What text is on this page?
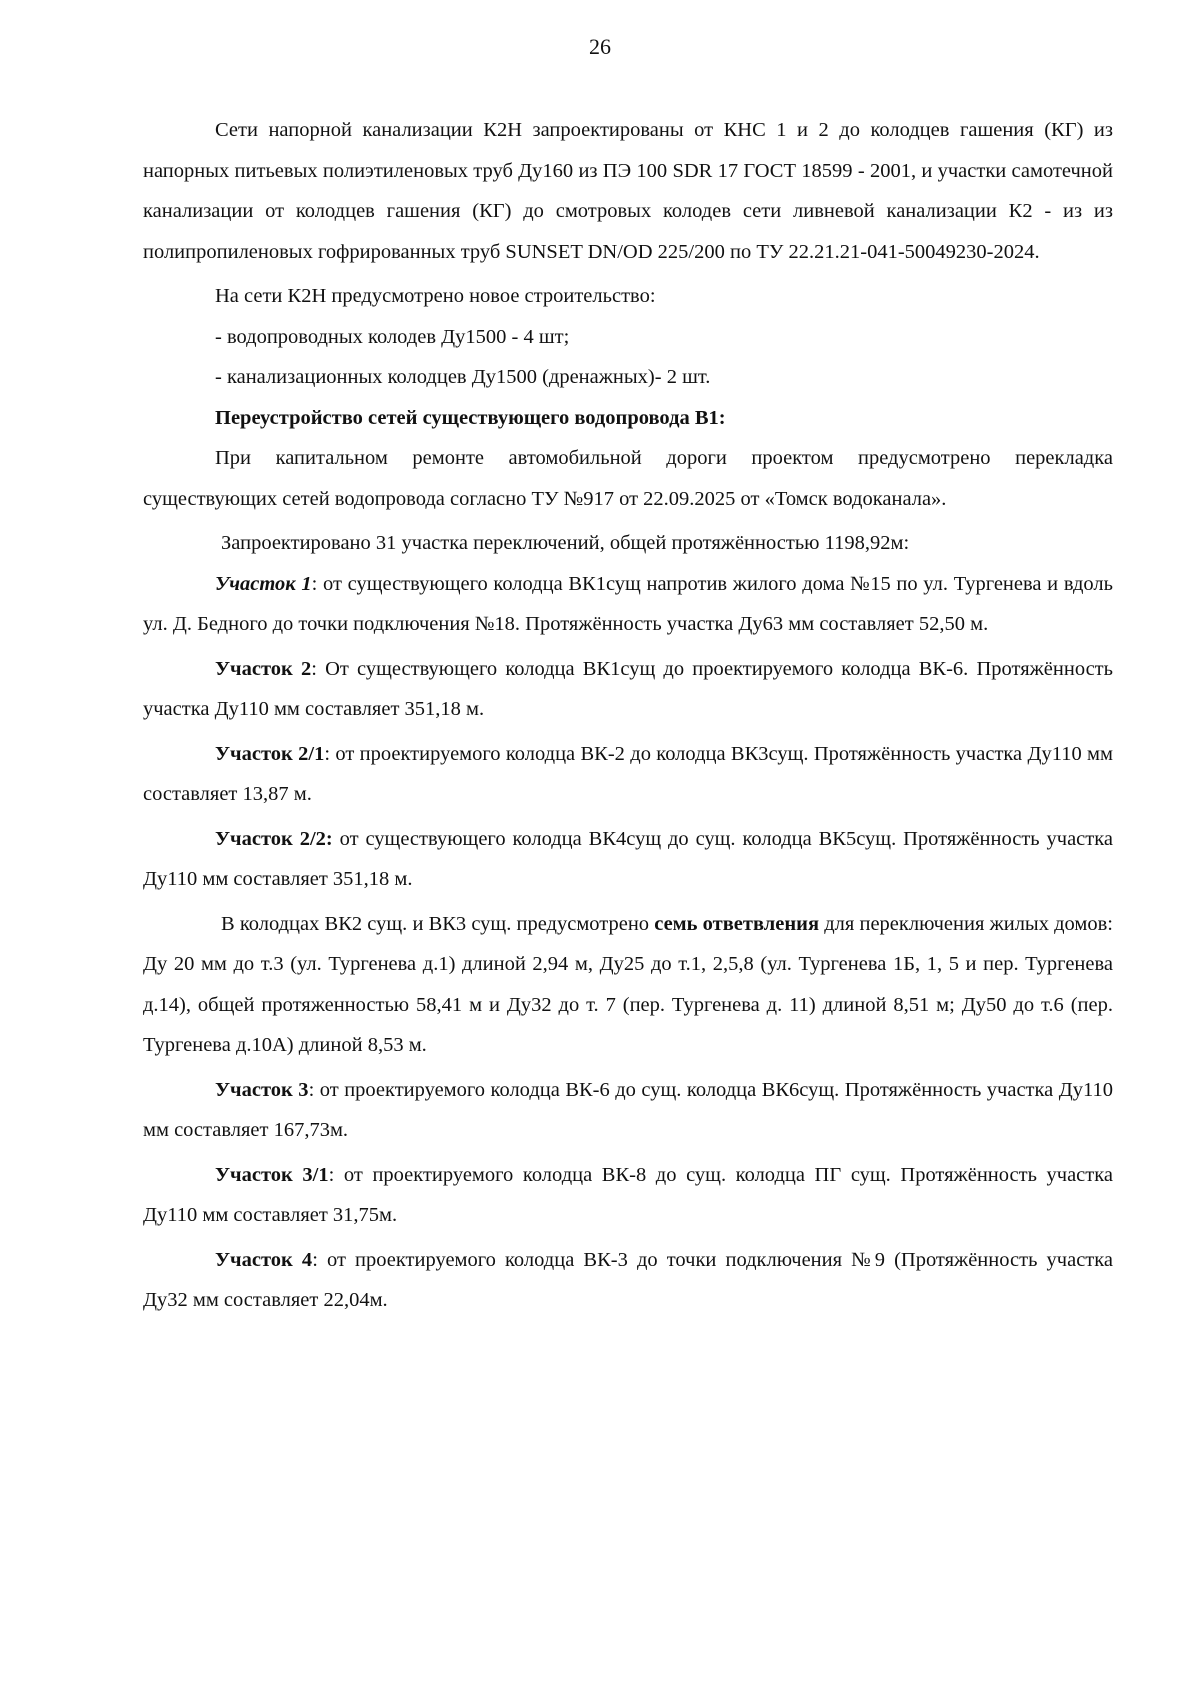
26

Сети напорной канализации К2Н запроектированы от КНС 1 и 2 до колодцев гашения (КГ) из напорных питьевых полиэтиленовых труб Ду160 из ПЭ 100 SDR 17 ГОСТ 18599 - 2001, и участки самотечной канализации от колодцев гашения (КГ) до смотровых колодев сети ливневой канализации К2 - из из полипропиленовых гофрированных труб SUNSET DN/OD 225/200 по ТУ 22.21.21-041-50049230-2024.

На сети К2Н предусмотрено новое строительство:

- водопроводных колодев Ду1500 - 4 шт;

- канализационных колодцев Ду1500 (дренажных)- 2 шт.

Переустройство сетей существующего водопровода В1:

При капитальном ремонте автомобильной дороги проектом предусмотрено перекладка существующих сетей водопровода согласно ТУ №917 от 22.09.2025 от «Томск водоканала».

Запроектировано 31 участка переключений, общей протяжённостью 1198,92м:

Участок 1: от существующего колодца ВК1сущ напротив жилого дома №15 по ул. Тургенева и вдоль ул. Д. Бедного до точки подключения №18. Протяжённость участка Ду63 мм составляет 52,50 м.

Участок 2: От существующего колодца ВК1сущ до проектируемого колодца ВК-6. Протяжённость участка Ду110 мм составляет 351,18 м.

Участок 2/1: от проектируемого колодца ВК-2 до колодца ВК3сущ. Протяжённость участка Ду110 мм составляет 13,87 м.

Участок 2/2: от существующего колодца ВК4сущ до сущ. колодца ВК5сущ. Протяжённость участка Ду110 мм составляет 351,18 м.

В колодцах ВК2 сущ. и ВК3 сущ. предусмотрено семь ответвления для переключения жилых домов: Ду 20 мм до т.3 (ул. Тургенева д.1) длиной 2,94 м, Ду25 до т.1, 2,5,8 (ул. Тургенева 1Б, 1, 5 и пер. Тургенева д.14), общей протяженностью 58,41 м и Ду32 до т. 7 (пер. Тургенева д. 11) длиной 8,51 м; Ду50 до т.6 (пер. Тургенева д.10А) длиной 8,53 м.

Участок 3: от проектируемого колодца ВК-6 до сущ. колодца ВК6сущ. Протяжённость участка Ду110 мм составляет 167,73м.

Участок 3/1: от проектируемого колодца ВК-8 до сущ. колодца ПГ сущ. Протяжённость участка Ду110 мм составляет 31,75м.

Участок 4: от проектируемого колодца ВК-3 до точки подключения №9 (Протяжённость участка Ду32 мм составляет 22,04м.
